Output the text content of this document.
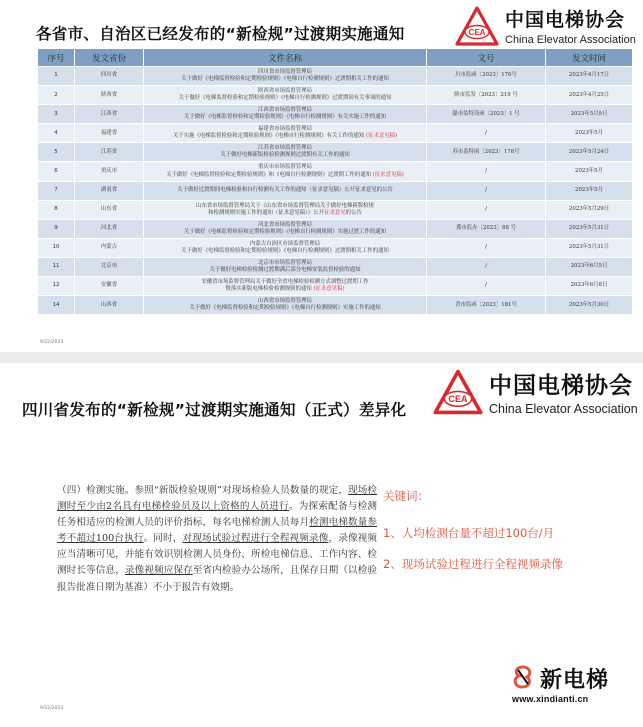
各省市、自治区已经发布的“新检规”过渡期实施通知	CEA
中国电梯协会
China Elevator Association
序号	发文省份	文件名称	文号	发文时间
1	四川省	四川省市场监督管理局
关于做好《电梯监督检验和定期检验规则》《电梯自行检测规则》过渡期相关工作的通知	川市监函〔2023〕176号	2023年4月17日
2	陕西省	陕西省市场监督管理局
关于做好《电梯监督检验和定期检验规则》《电梯自行检测规则》过渡期间有关事项的通知	陕市监发〔2023〕219 号	2023年4月25日
3	江西省	江西省市场监督管理局
关于做好《电梯监督检验和定期检验规则》《电梯自行检测规则》有关实施工作的通知	赣市监特设函〔2023〕1 号	2023年5月9日
4	福建省	福建省市场监督管理局
关于实施《电梯监督检验和定期检验规则》《电梯自行检测规则》有关工作的通知 (征求意见稿)	/	2023年5月
5	江苏省	江苏省市场监督管理局
关于做好电梯新版检验检测规则过渡期有关工作的通知	苏市监特函〔2023〕178号	2023年5月24日
6	重庆市	重庆市市场监督管理局
关于做好《电梯监督检验和定期检验规则》和《电梯自行检测规则》过渡期工作的通知 (征求意见稿)	/	2023年5月
7	湖南省	关于做好过渡期间电梯检验和自行检测有关工作的通知（征求意见稿）公开征求意见的公告	/	2023年5月
8	山东省	山东省市场监督管理局关于《山东省市场监督管理局关于做好电梯新版检规
和检测规则实施工作的通知（征求意见稿）》公开征求意见的公告	/	2023年5月29日
9	河北省	河北省市场监督管理局
关于做好《电梯监督检验和定期检验规则》《电梯自行检测规则》实施过渡工作的通知	冀市监办〔2023〕88 号	2023年5月31日
10	内蒙古	内蒙古自治区市场监督管理局
关于做好《电梯监督检验和定期检验规则》《电梯自行检测规则》过渡期相关工作的通知	/	2023年5月31日
11	北京市	北京市市场监督管理局
关于做好电梯检验检测过渡期满后部分电梯安装监督检验的通知	/	2023年6月5日
12	安徽省	安徽省市场监督管理局关于做好全省电梯检验检测方式调整过渡期工作
暨落实新版电梯检验检测规则的通知 (征求意见稿)	/	2023年6月8日
14	山西省	山西省市场监督管理局
关于做好《电梯监督检验和定期检验规则》《电梯自行检测规则》实施工作的通知	晋市监函〔2023〕181号	2023年5月30日
9/22/2023
四川省发布的“新检规”过渡期实施通知（正式）差异化
CEA 中国电梯协会
China Elevator Association
（四）检测实施。参照“新版检验规则”对现场检验人员数量的规定，现场检测时至少由2名具有电梯检验员及以上资格的人员进行。为探索配备与检测任务相适应的检测人员的评价指标，每名电梯检测人员每月检测电梯数量参考不超过100台执行。同时，对现场试验过程进行全程视频录像，录像视频应当清晰可见，并能有效识别检测人员身份、所检电梯信息、工作内容、检测时长等信息，录像视频应保存至省内检验办公场所，且保存日期（以检验报告批准日期为基准）不小于报告有效期。
关键词：
1、人均检测台量不超过100台/月
2、现场试验过程进行全程视频录像
新电梯
www.xindianti.cn
9/22/2023
